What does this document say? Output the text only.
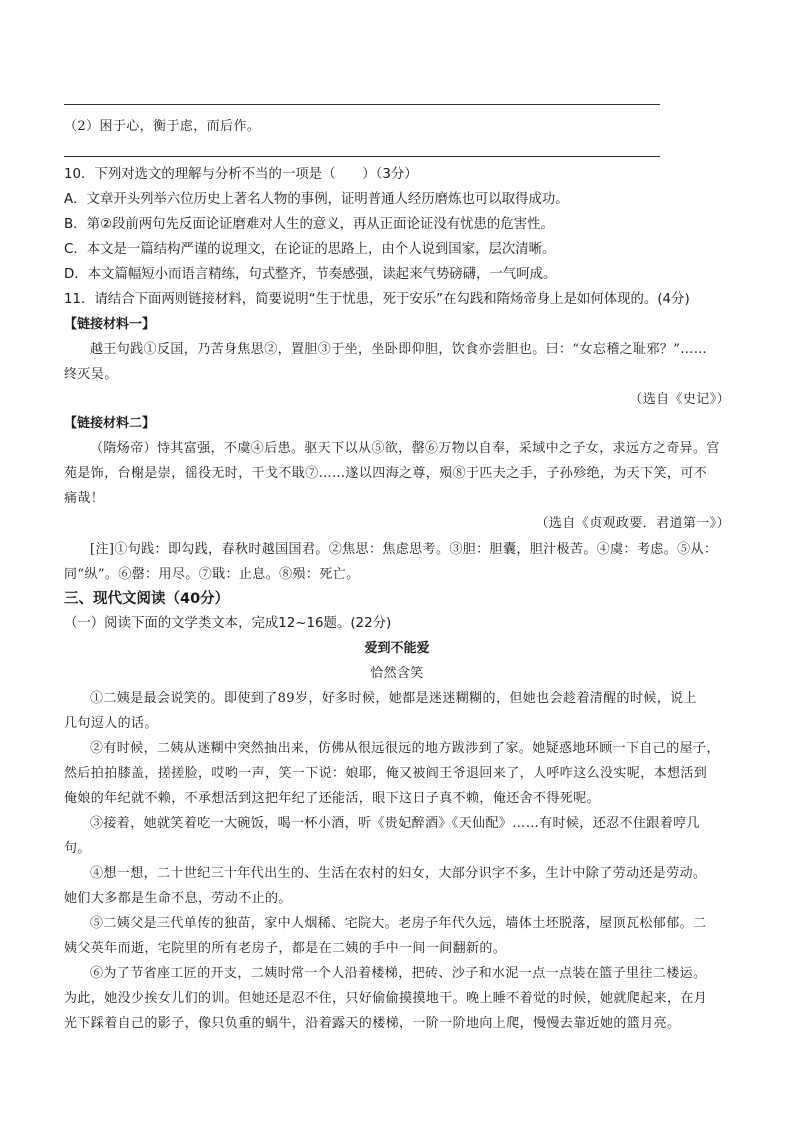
（2）困于心，衡于虑，而后作。
10．下列对选文的理解与分析不当的一项是（　　）（3分）
A．文章开头列举六位历史上著名人物的事例，证明普通人经历磨炼也可以取得成功。
B．第②段前两句先反面论证磨难对人生的意义，再从正面论证没有忧患的危害性。
C．本文是一篇结构严谨的说理文，在论证的思路上，由个人说到国家，层次清晰。
D．本文篇幅短小而语言精练，句式整齐，节奏感强，读起来气势磅礴，一气呵成。
11．请结合下面两则链接材料，简要说明“生于忧患，死于安乐”在勾践和隋炀帝身上是如何体现的。(4分)
【链接材料一】
越王句践①反国，乃苦身焦思②，置胆③于坐，坐卧即仰胆，饮食亦尝胆也。曰：“女忘稽之耻邪？”……
终灭吴。
（选自《史记》）
【链接材料二】
（隋炀帝）恃其富强，不虞④后患。驱天下以从⑤欲，罄⑥万物以自奉，采域中之子女，求远方之奇异。宫
苑是饰，台榭是崇，徭役无时，干戈不戢⑦……遂以四海之尊，殒⑧于匹夫之手，子孙殄绝，为天下笑，可不
痛哉！
（选自《贞观政要．君道第一》）
[注]①句践：即勾践，春秋时越国国君。②焦思：焦虑思考。③胆：胆囊，胆汁极苦。④虞：考虑。⑤从：
同“纵”。⑥罄：用尽。⑦戢：止息。⑧殒：死亡。
三、现代文阅读（40分）
（一）阅读下面的文学类文本，完成12~16题。(22分)
爱到不能爱
恰然含笑
①二姨是最会说笑的。即使到了89岁，好多时候，她都是迷迷糊糊的，但她也会趁着清醒的时候，说上
几句逗人的话。
②有时候，二姨从迷糊中突然抽出来，仿佛从很远很远的地方跋涉到了家。她疑惑地环顾一下自己的屋子，
然后拍拍膝盖，搓搓脸，哎哟一声，笑一下说：娘耶，俺又被阎王爷退回来了，人呼咋这么没实呢，本想活到
俺娘的年纪就不赖，不承想活到这把年纪了还能活，眼下这日子真不赖，俺还舍不得死呢。
③接着，她就笑着吃一大碗饭，喝一杯小酒，听《贵妃醉酒》《天仙配》……有时候，还忍不住跟着哼几
句。
④想一想，二十世纪三十年代出生的、生活在农村的妇女，大部分识字不多，生计中除了劳动还是劳动。
她们大多都是生命不息，劳动不止的。
⑤二姨父是三代单传的独苗，家中人烟稀、宅院大。老房子年代久远，墙体土坯脱落，屋顶瓦松郁郁。二
姨父英年而逝，宅院里的所有老房子，都是在二姨的手中一间一间翻新的。
⑥为了节省座工匠的开支，二姨时常一个人沿着楼梯，把砖、沙子和水泥一点一点装在篮子里往二楼运。
为此，她没少挨女儿们的训。但她还是忍不住，只好偷偷摸摸地干。晚上睡不着觉的时候，她就爬起来，在月
光下踩着自己的影子，像只负重的蜗牛，沿着露天的楼梯，一阶一阶地向上爬，慢慢去靠近她的篮月亮。
